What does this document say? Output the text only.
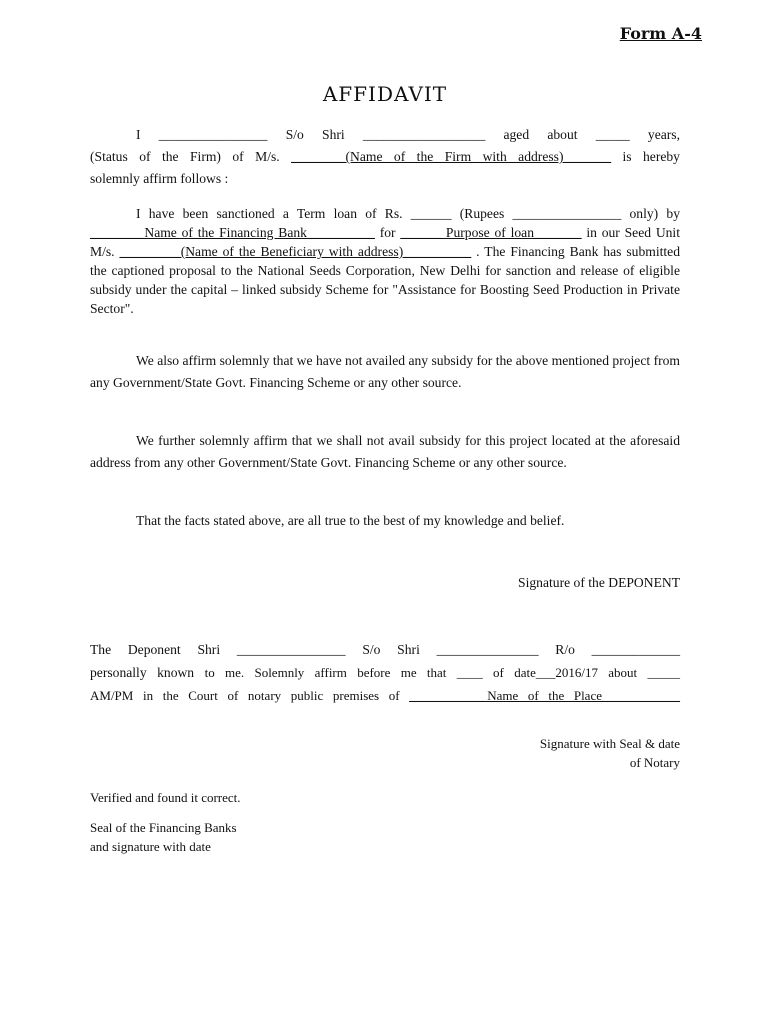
Form A-4
AFFIDAVIT
I ________________ S/o Shri __________________ aged about _____ years,
(Status of the Firm) of M/s. ________(Name of the Firm with address)_______ is hereby
solemnly affirm follows :
I have been sanctioned a Term loan of Rs. ______ (Rupees ________________ only) by ________Name of the Financing Bank__________ for ______ Purpose of loan_______ in our Seed Unit M/s. _________(Name of the Beneficiary with address)__________ . The Financing Bank has submitted the captioned proposal to the National Seeds Corporation, New Delhi for sanction and release of eligible subsidy under the capital – linked subsidy Scheme for "Assistance for Boosting Seed Production in Private Sector".
We also affirm solemnly that we have not availed any subsidy for the above mentioned project from any Government/State Govt. Financing Scheme or any other source.
We further solemnly affirm that we shall not avail subsidy for this project located at the aforesaid address from any other Government/State Govt. Financing Scheme or any other source.
That the facts stated above, are all true to the best of my knowledge and belief.
Signature of the DEPONENT
The Deponent Shri ________________ S/o Shri _______________ R/o _____________
personally known to me. Solemnly affirm before me that ____ of date___2016/17 about _____
AM/PM in the Court of notary public premises of ____________Name of the Place____________
Signature with Seal & date
of Notary
Verified and found it correct.
Seal of the Financing Banks
and signature with date
